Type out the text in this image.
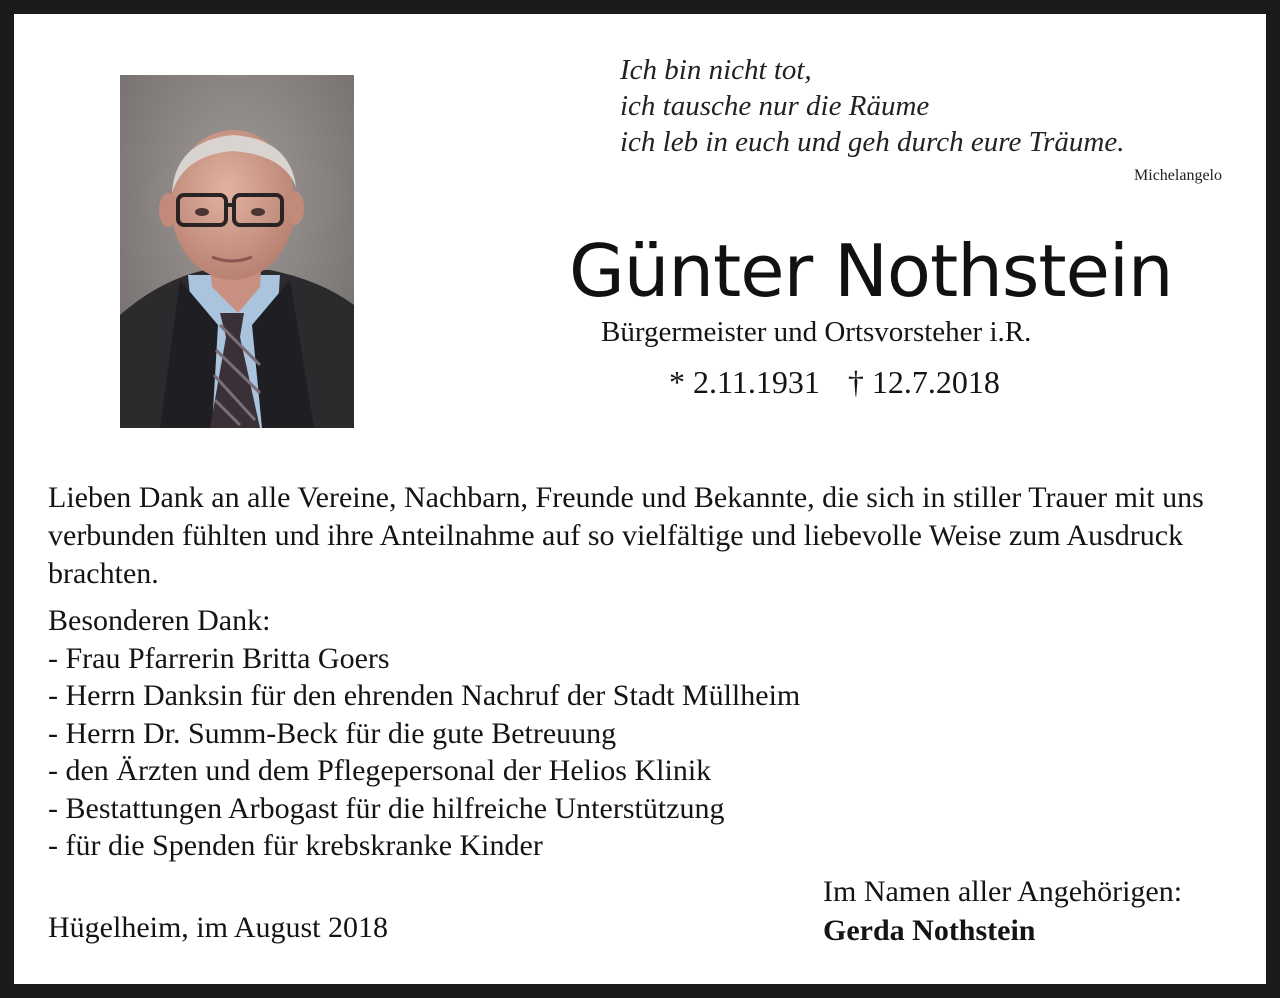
Ich bin nicht tot,
ich tausche nur die Räume
ich leb in euch und geh durch eure Träume.
Michelangelo
Günter Nothstein
Bürgermeister und Ortsvorsteher i.R.
* 2.11.1931 † 12.7.2018
Lieben Dank an alle Vereine, Nachbarn, Freunde und Bekannte, die sich in stiller Trauer mit uns verbunden fühlten und ihre Anteilnahme auf so vielfältige und liebevolle Weise zum Ausdruck brachten.
Besonderen Dank:
- Frau Pfarrerin Britta Goers
- Herrn Danksin für den ehrenden Nachruf der Stadt Müllheim
- Herrn Dr. Summ-Beck für die gute Betreuung
- den Ärzten und dem Pflegepersonal der Helios Klinik
- Bestattungen Arbogast für die hilfreiche Unterstützung
- für die Spenden für krebskranke Kinder
Hügelheim, im August 2018
Im Namen aller Angehörigen:
Gerda Nothstein
